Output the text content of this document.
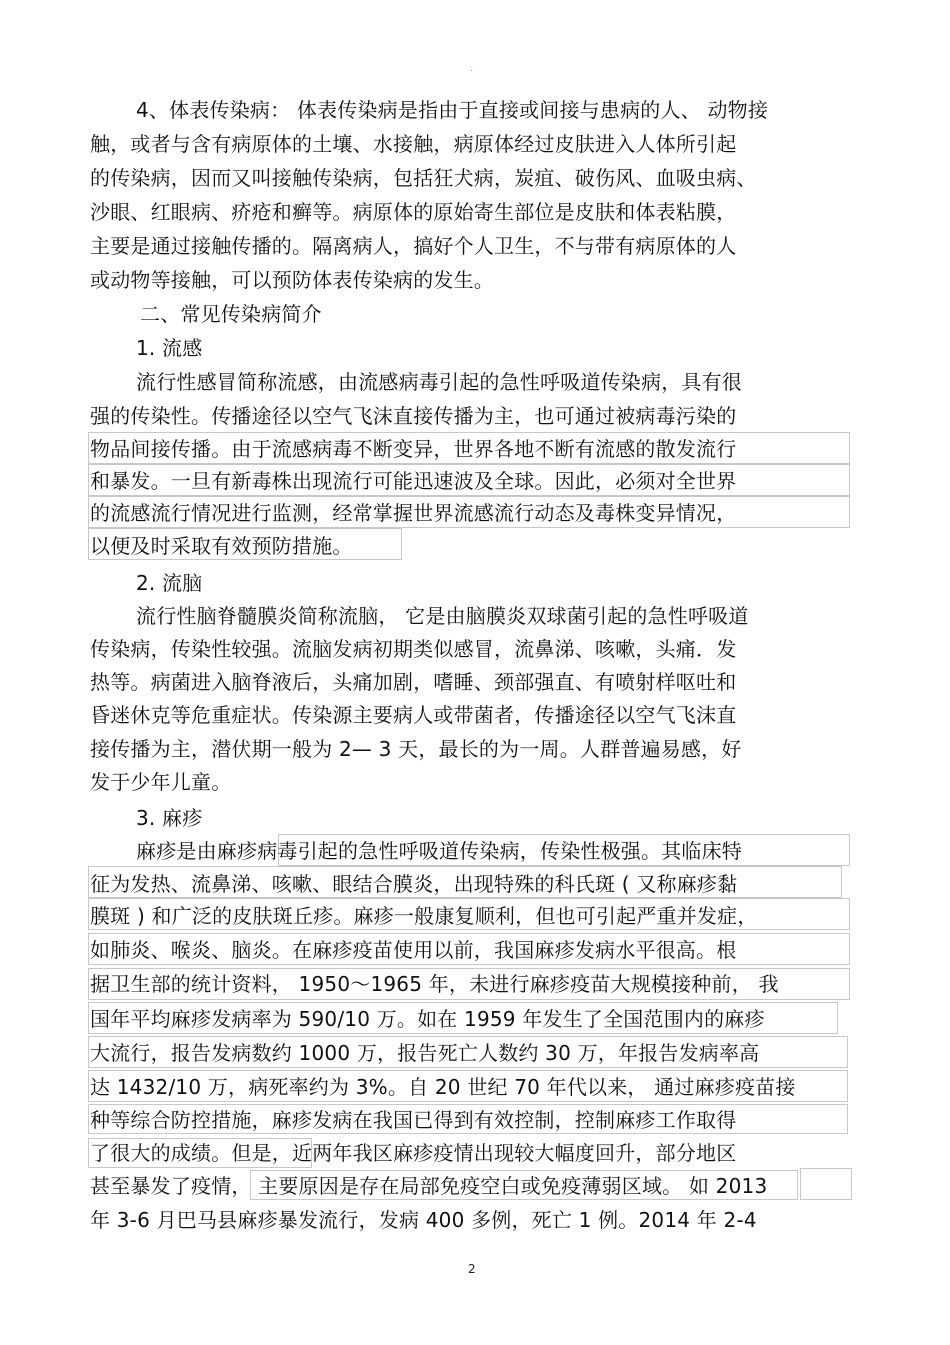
·
4、体表传染病： 体表传染病是指由于直接或间接与患病的人、 动物接
触，或者与含有病原体的土壤、水接触，病原体经过皮肤进入人体所引起
的传染病，因而又叫接触传染病，包括狂犬病，炭疽、破伤风、血吸虫病、
沙眼、红眼病、疥疮和癣等。病原体的原始寄生部位是皮肤和体表粘膜，
主要是通过接触传播的。隔离病人，搞好个人卫生，不与带有病原体的人
或动物等接触，可以预防体表传染病的发生。
二、常见传染病简介
1. 流感
流行性感冒简称流感，由流感病毒引起的急性呼吸道传染病，具有很
强的传染性。传播途径以空气飞沫直接传播为主，也可通过被病毒污染的
物品间接传播。由于流感病毒不断变异，世界各地不断有流感的散发流行
和暴发。一旦有新毒株出现流行可能迅速波及全球。因此，必须对全世界
的流感流行情况进行监测，经常掌握世界流感流行动态及毒株变异情况，
以便及时采取有效预防措施。
2. 流脑
流行性脑脊髓膜炎简称流脑， 它是由脑膜炎双球菌引起的急性呼吸道
传染病，传染性较强。流脑发病初期类似感冒，流鼻涕、咳嗽，头痛．发
热等。病菌进入脑脊液后，头痛加剧，嗜睡、颈部强直、有喷射样呕吐和
昏迷休克等危重症状。传染源主要病人或带菌者，传播途径以空气飞沫直
接传播为主，潜伏期一般为 2— 3 天，最长的为一周。人群普遍易感，好
发于少年儿童。
3. 麻疹
麻疹是由麻疹病毒引起的急性呼吸道传染病，传染性极强。其临床特
征为发热、流鼻涕、咳嗽、眼结合膜炎，出现特殊的科氏斑 ( 又称麻疹黏
膜斑 ) 和广泛的皮肤斑丘疹。麻疹一般康复顺利，但也可引起严重并发症，
如肺炎、喉炎、脑炎。在麻疹疫苗使用以前，我国麻疹发病水平很高。根
据卫生部的统计资料， 1950～1965 年，未进行麻疹疫苗大规模接种前， 我
国年平均麻疹发病率为 590/10 万。如在 1959 年发生了全国范围内的麻疹
大流行，报告发病数约 1000 万，报告死亡人数约 30 万，年报告发病率高
达 1432/10 万，病死率约为 3%。自 20 世纪 70 年代以来， 通过麻疹疫苗接
种等综合防控措施，麻疹发病在我国已得到有效控制，控制麻疹工作取得
了很大的成绩。但是，近两年我区麻疹疫情出现较大幅度回升，部分地区
甚至暴发了疫情， 主要原因是存在局部免疫空白或免疫薄弱区域。 如 2013
年 3-6 月巴马县麻疹暴发流行，发病 400 多例，死亡 1 例。2014 年 2-4
2
